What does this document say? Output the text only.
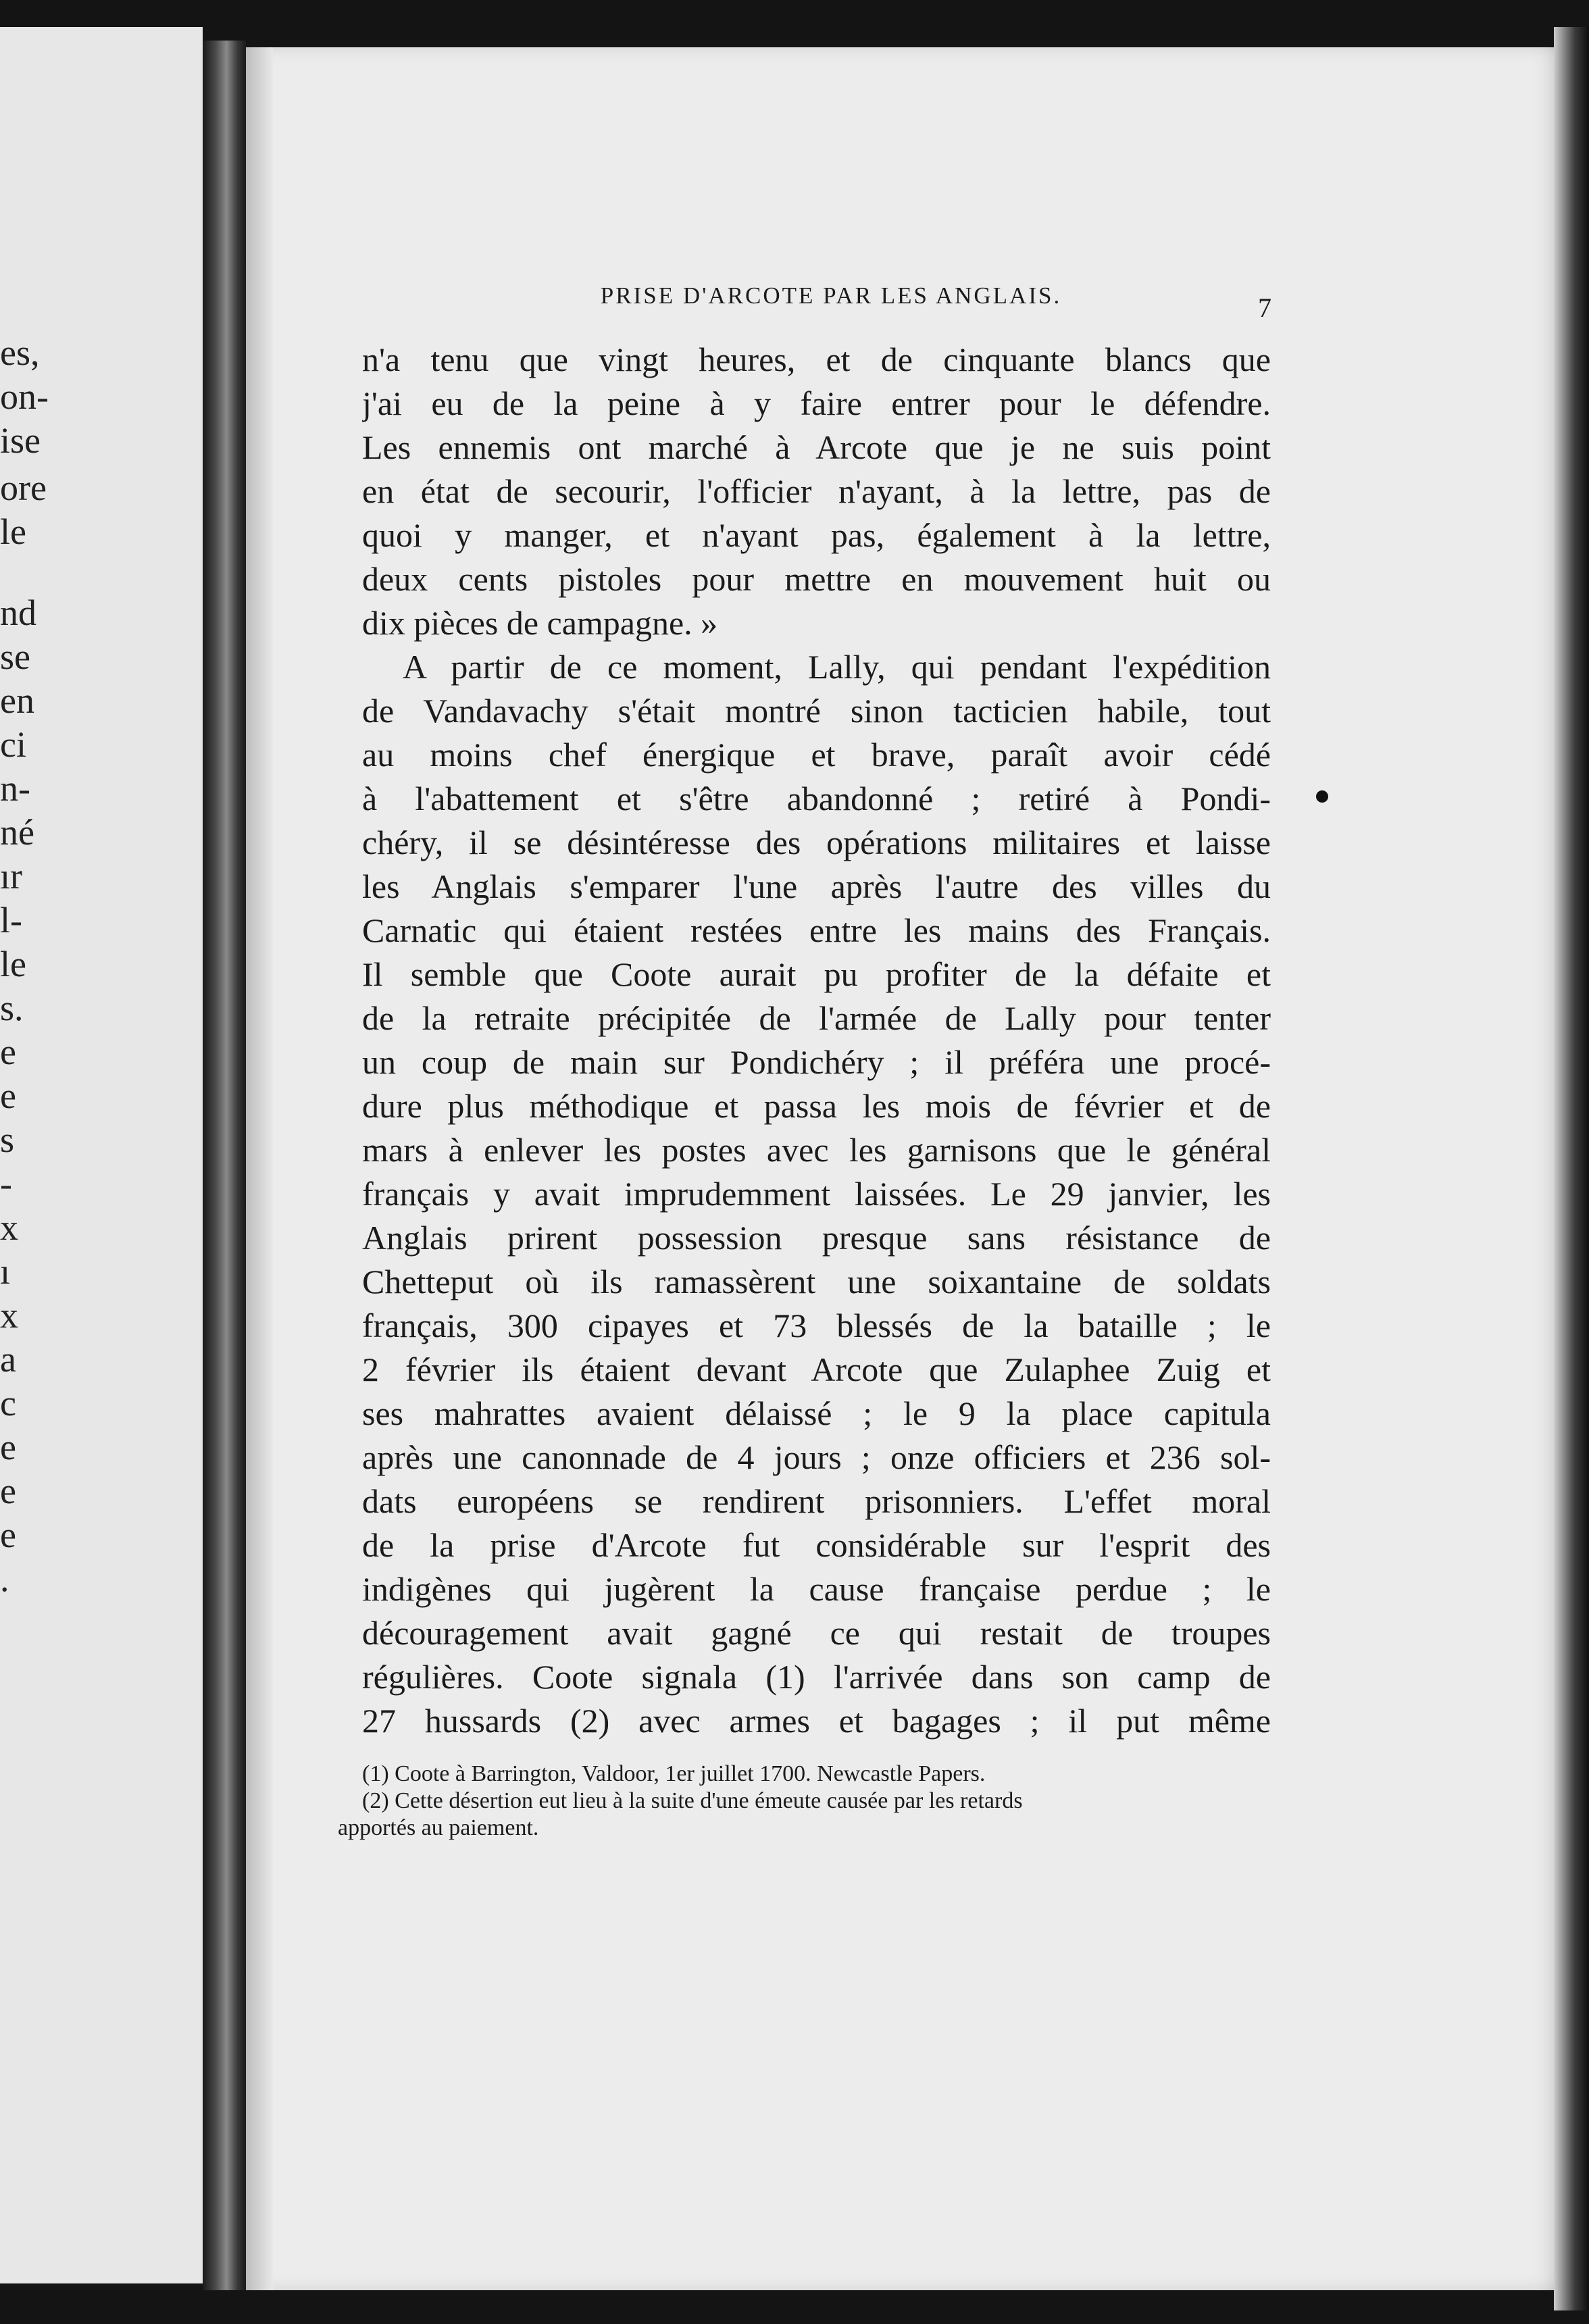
es,
on-
ise
ore
le
nd
se
en
ci
n-
né
ır
l-
le
s.
e
e
s
-
x
ı
x
a
c
e
e
e
.
PRISE D'ARCOTE PAR LES ANGLAIS.	7
n'a tenu que vingt heures, et de cinquante blancs que
j'ai eu de la peine à y faire entrer pour le défendre.
Les ennemis ont marché à Arcote que je ne suis point
en état de secourir, l'officier n'ayant, à la lettre, pas de
quoi y manger, et n'ayant pas, également à la lettre,
deux cents pistoles pour mettre en mouvement huit ou
dix pièces de campagne. »
A partir de ce moment, Lally, qui pendant l'expédition
de Vandavachy s'était montré sinon tacticien habile, tout
au moins chef énergique et brave, paraît avoir cédé
à l'abattement et s'être abandonné ; retiré à Pondi-
chéry, il se désintéresse des opérations militaires et laisse
les Anglais s'emparer l'une après l'autre des villes du
Carnatic qui étaient restées entre les mains des Français.
Il semble que Coote aurait pu profiter de la défaite et
de la retraite précipitée de l'armée de Lally pour tenter
un coup de main sur Pondichéry ; il préféra une procé-
dure plus méthodique et passa les mois de février et de
mars à enlever les postes avec les garnisons que le général
français y avait imprudemment laissées. Le 29 janvier, les
Anglais prirent possession presque sans résistance de
Chetteput où ils ramassèrent une soixantaine de soldats
français, 300 cipayes et 73 blessés de la bataille ; le
2 février ils étaient devant Arcote que Zulaphee Zuig et
ses mahrattes avaient délaissé ; le 9 la place capitula
après une canonnade de 4 jours ; onze officiers et 236 sol-
dats européens se rendirent prisonniers. L'effet moral
de la prise d'Arcote fut considérable sur l'esprit des
indigènes qui jugèrent la cause française perdue ; le
découragement avait gagné ce qui restait de troupes
régulières. Coote signala (1) l'arrivée dans son camp de
27 hussards (2) avec armes et bagages ; il put même
(1) Coote à Barrington, Valdoor, 1er juillet 1700. Newcastle Papers.
(2) Cette désertion eut lieu à la suite d'une émeute causée par les retards
apportés au paiement.
